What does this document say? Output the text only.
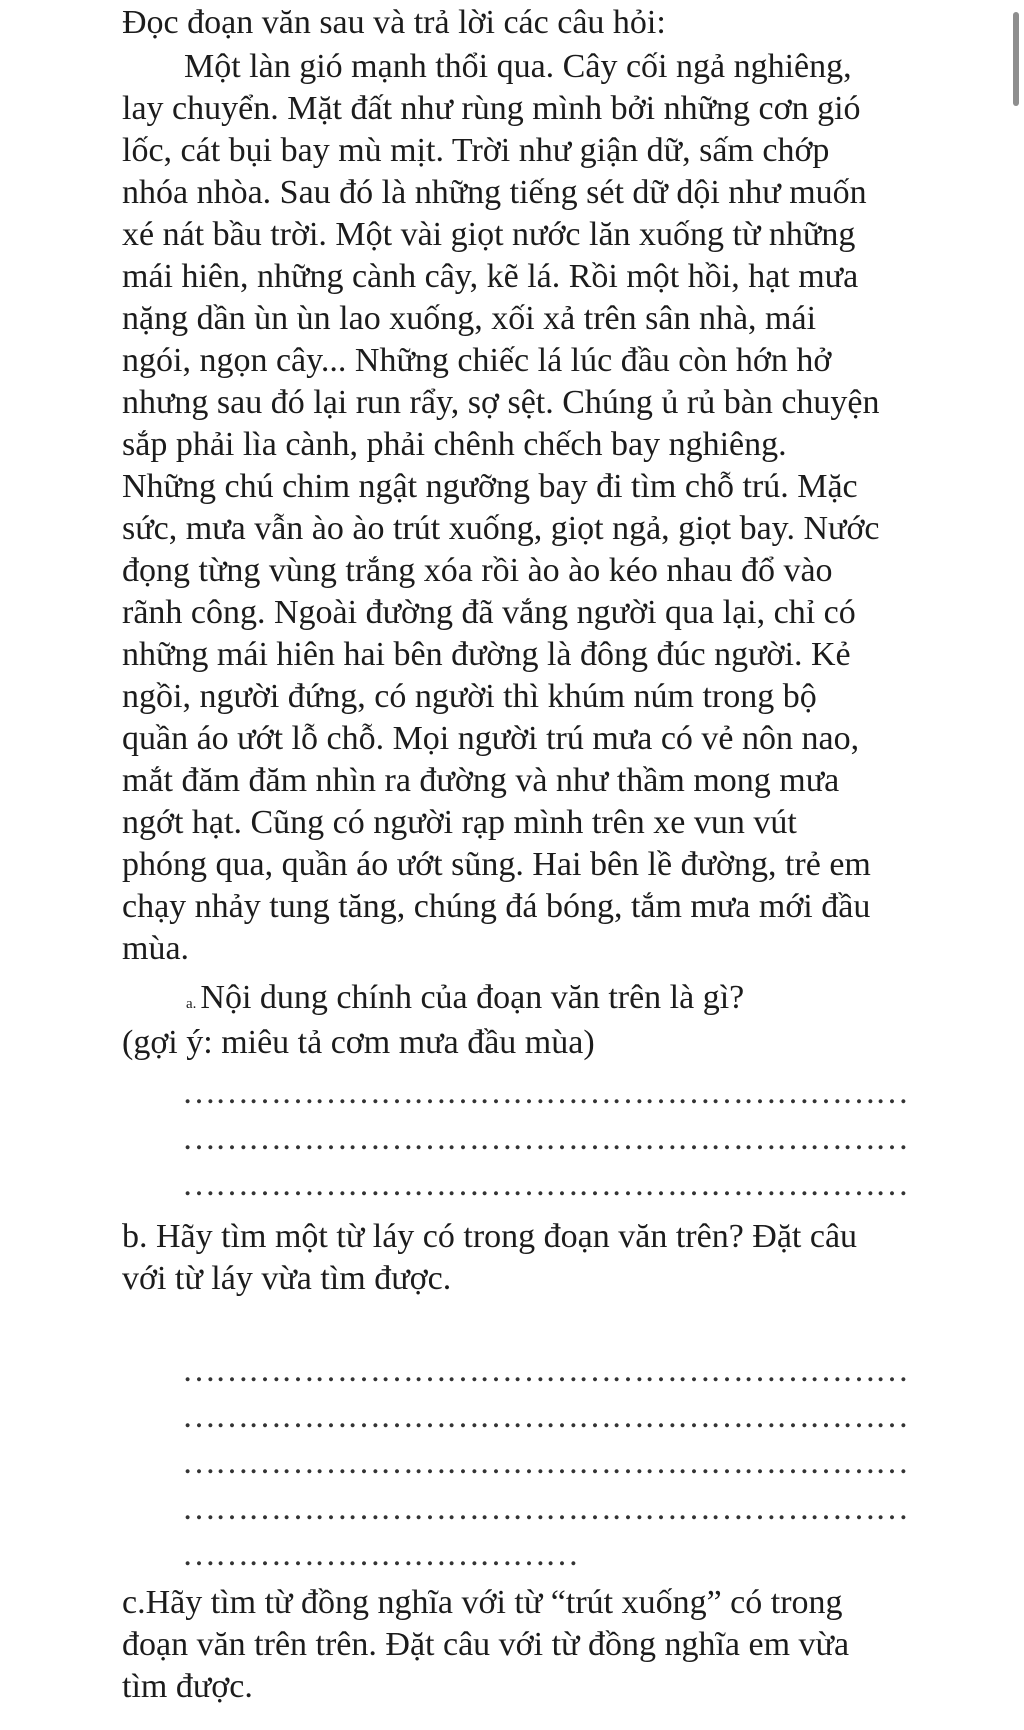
Đọc đoạn văn sau và trả lời các câu hỏi:
Một làn gió mạnh thổi qua. Cây cối ngả nghiêng,
lay chuyển. Mặt đất như rùng mình bởi những cơn gió
lốc, cát bụi bay mù mịt. Trời như giận dữ, sấm chớp
nhóa nhòa. Sau đó là những tiếng sét dữ dội như muốn
xé nát bầu trời. Một vài giọt nước lăn xuống từ những
mái hiên, những cành cây, kẽ lá. Rồi một hồi, hạt mưa
nặng dần ùn ùn lao xuống, xối xả trên sân nhà, mái
ngói, ngọn cây... Những chiếc lá lúc đầu còn hớn hở
nhưng sau đó lại run rẩy, sợ sệt. Chúng ủ rủ bàn chuyện
sắp phải lìa cành, phải chênh chếch bay nghiêng.
Những chú chim ngật ngưỡng bay đi tìm chỗ trú. Mặc
sức, mưa vẫn ào ào trút xuống, giọt ngả, giọt bay. Nước
đọng từng vùng trắng xóa rồi ào ào kéo nhau đổ vào
rãnh công. Ngoài đường đã vắng người qua lại, chỉ có
những mái hiên hai bên đường là đông đúc người. Kẻ
ngồi, người đứng, có người thì khúm núm trong bộ
quần áo ướt lỗ chỗ. Mọi người trú mưa có vẻ nôn nao,
mắt đăm đăm nhìn ra đường và như thầm mong mưa
ngớt hạt. Cũng có người rạp mình trên xe vun vút
phóng qua, quần áo ướt sũng. Hai bên lề đường, trẻ em
chạy nhảy tung tăng, chúng đá bóng, tắm mưa mới đầu
mùa.
a. Nội dung chính của đoạn văn trên là gì?
(gợi ý: miêu tả cơm mưa đầu mùa)
…………………………………………………………
…………………………………………………………
…………………………………………………………
b. Hãy tìm một từ láy có trong đoạn văn trên? Đặt câu
với từ láy vừa tìm được.
…………………………………………………………
…………………………………………………………
…………………………………………………………
…………………………………………………………
………………………………
c.Hãy tìm từ đồng nghĩa với từ “trút xuống” có trong
đoạn văn trên trên. Đặt câu với từ đồng nghĩa em vừa
tìm được.
